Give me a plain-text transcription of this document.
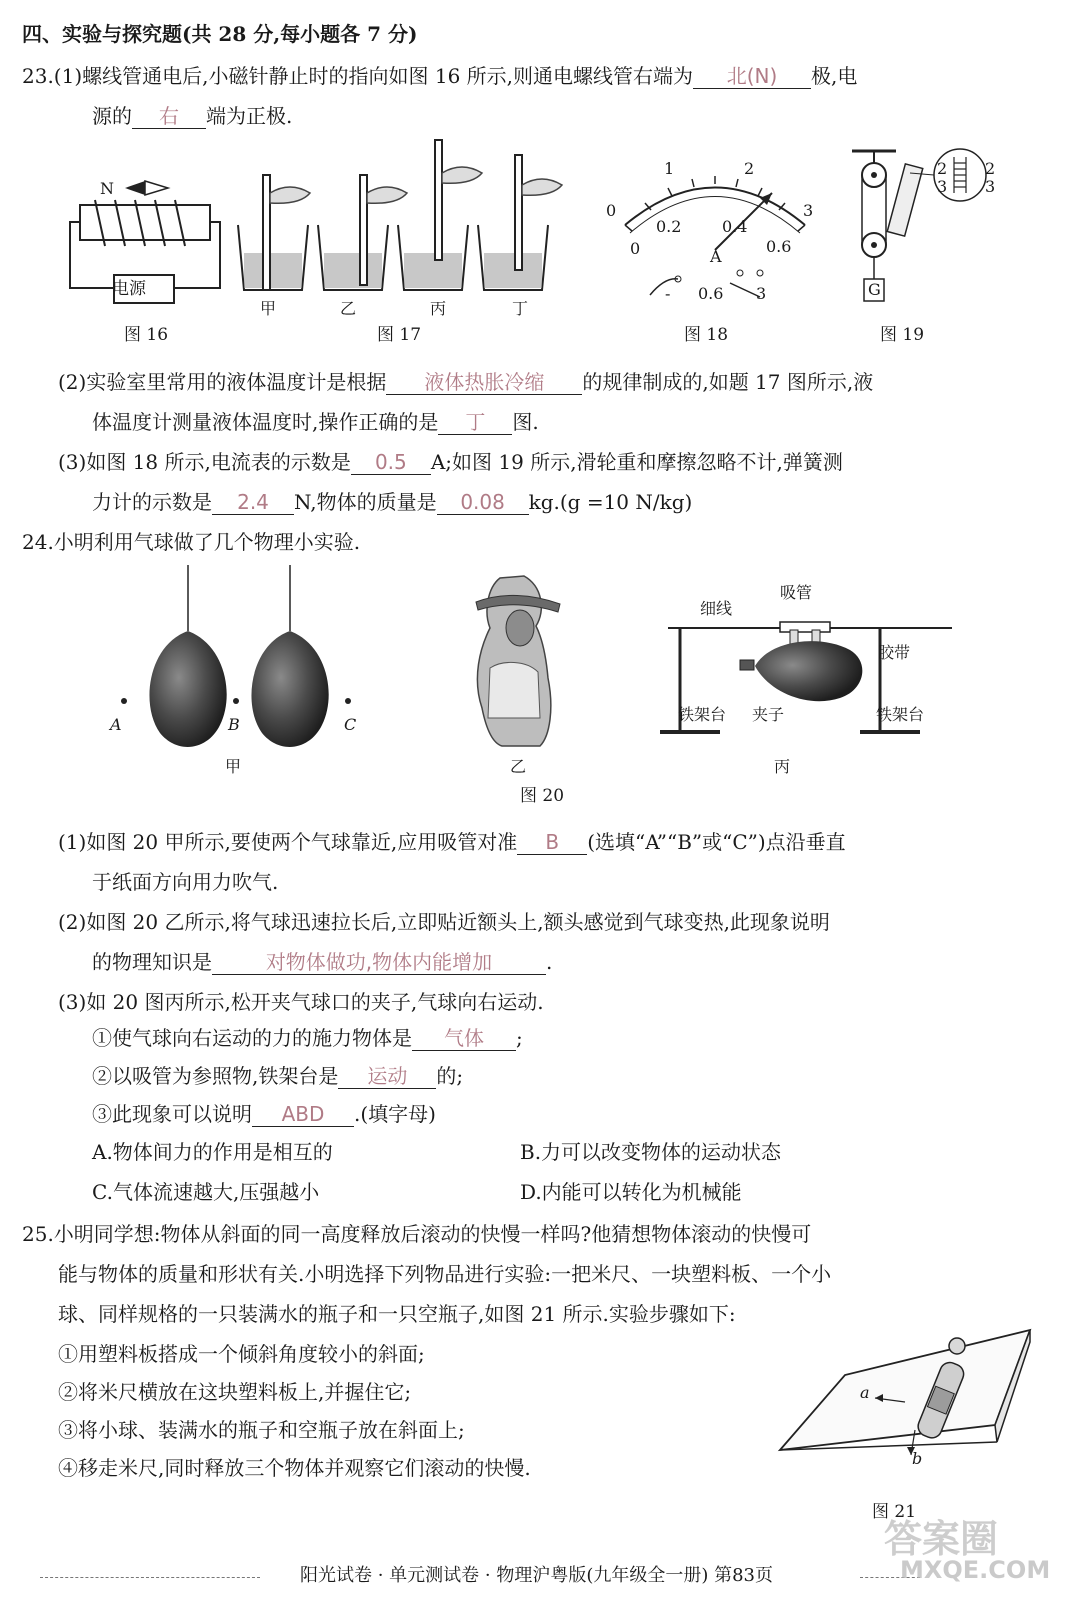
四、实验与探究题(共 28 分,每小题各 7 分)
23.(1)螺线管通电后,小磁针静止时的指向如图 16 所示,则通电螺线管右端为 北(N) 极,电
源的 右 端为正极.
N
电源
图 16
甲	乙	丙	丁
图 17
0
1	2
3
0
0.2	0.4
0.6
A
- 0.6 3
图 18
G
2
3
2
3
图 19
(2)实验室里常用的液体温度计是根据 液体热胀冷缩 的规律制成的,如题 17 图所示,液
体温度计测量液体温度时,操作正确的是 丁 图.
(3)如图 18 所示,电流表的示数是 0.5 A;如图 19 所示,滑轮重和摩擦忽略不计,弹簧测
力计的示数是 2.4 N,物体的质量是 0.08 kg.(g =10 N/kg)
24.小明利用气球做了几个物理小实验.
A	B	C
甲	乙
细线
吸管
胶带
铁架台 夹子	铁架台
丙
图 20
(1)如图 20 甲所示,要使两个气球靠近,应用吸管对准 B (选填“A”“B”或“C”)点沿垂直
于纸面方向用力吹气.
(2)如图 20 乙所示,将气球迅速拉长后,立即贴近额头上,额头感觉到气球变热,此现象说明
的物理知识是	对物体做功,物体内能增加	.
(3)如 20 图丙所示,松开夹气球口的夹子,气球向右运动.
①使气球向右运动的力的施力物体是 气体 ;
②以吸管为参照物,铁架台是 运动 的;
③此现象可以说明 ABD .(填字母)
A.物体间力的作用是相互的	B.力可以改变物体的运动状态
C.气体流速越大,压强越小	D.内能可以转化为机械能
25.小明同学想:物体从斜面的同一高度释放后滚动的快慢一样吗?他猜想物体滚动的快慢可
能与物体的质量和形状有关.小明选择下列物品进行实验:一把米尺、一块塑料板、一个小
球、同样规格的一只装满水的瓶子和一只空瓶子,如图 21 所示.实验步骤如下:
①用塑料板搭成一个倾斜角度较小的斜面;
②将米尺横放在这块塑料板上,并握住它;
③将小球、装满水的瓶子和空瓶子放在斜面上;
④移走米尺,同时释放三个物体并观察它们滚动的快慢.
a
b
图 21
阳光试卷 · 单元测试卷 · 物理沪粤版(九年级全一册) 第83页
答案圈
MXQE.COM
